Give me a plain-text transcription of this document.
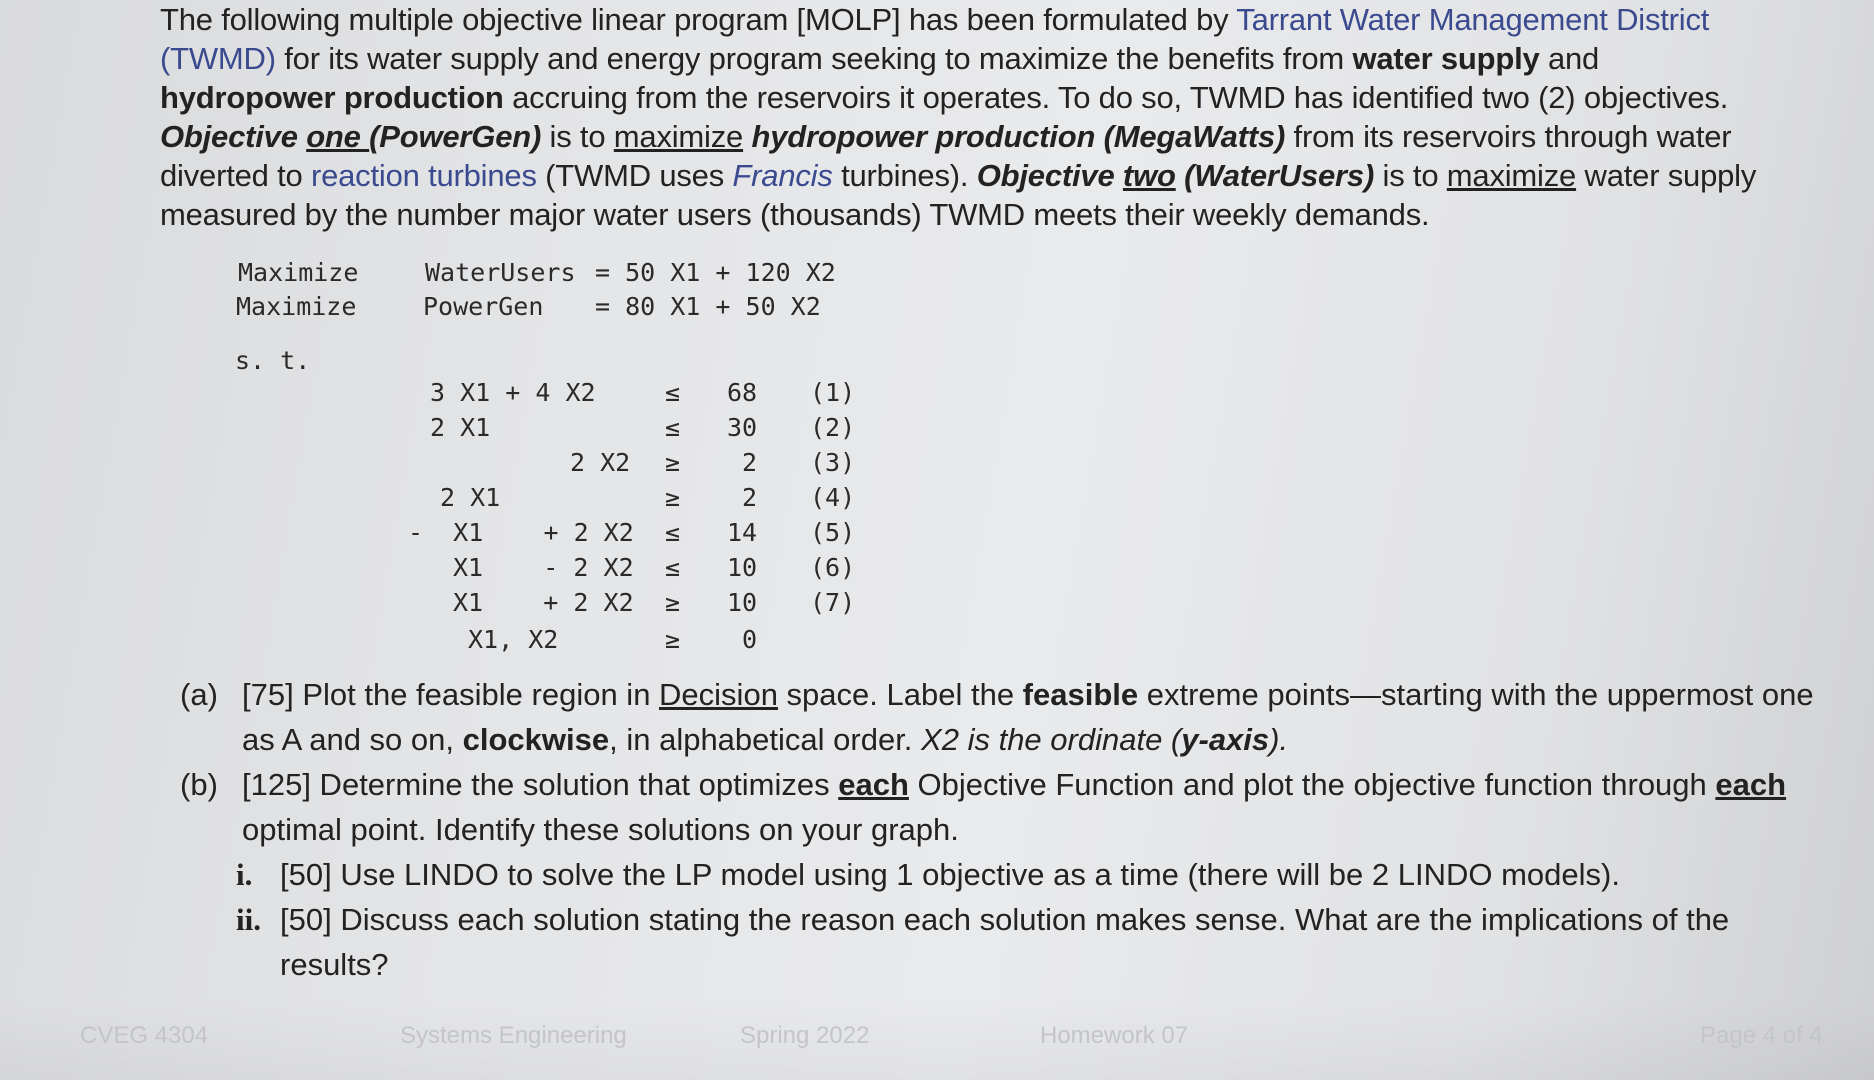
The following multiple objective linear program [MOLP] has been formulated by Tarrant Water Management District (TWMD) for its water supply and energy program seeking to maximize the benefits from water supply and hydropower production accruing from the reservoirs it operates. To do so, TWMD has identified two (2) objectives. Objective one (PowerGen) is to maximize hydropower production (MegaWatts) from its reservoirs through water diverted to reaction turbines (TWMD uses Francis turbines). Objective two (WaterUsers) is to maximize water supply measured by the number major water users (thousands) TWMD meets their weekly demands.

Maximize	WaterUsers = 50 X1 + 120 X2
Maximize	PowerGen = 80 X1 + 50 X2
s. t.
3 X1 + 4 X2	≤ 68 (1)
2 X1	≤ 30 (2)
2 X2 ≥ 2 (3)
2 X1	≥ 2 (4)
-  X1    + 2 X2 ≤ 14 (5)
X1    - 2 X2 ≤ 10 (6)
X1    + 2 X2 ≥ 10 (7)
X1, X2	≥ 0
(a) [75] Plot the feasible region in Decision space. Label the feasible extreme points—starting with the uppermost one as A and so on, clockwise, in alphabetical order. X2 is the ordinate (y-axis).
(b) [125] Determine the solution that optimizes each Objective Function and plot the objective function through each optimal point. Identify these solutions on your graph.
i. [50] Use LINDO to solve the LP model using 1 objective as a time (there will be 2 LINDO models).
ii. [50] Discuss each solution stating the reason each solution makes sense. What are the implications of the results?
CVEG 4304	Systems Engineering	Spring 2022	Homework 07	Page 4 of 4
